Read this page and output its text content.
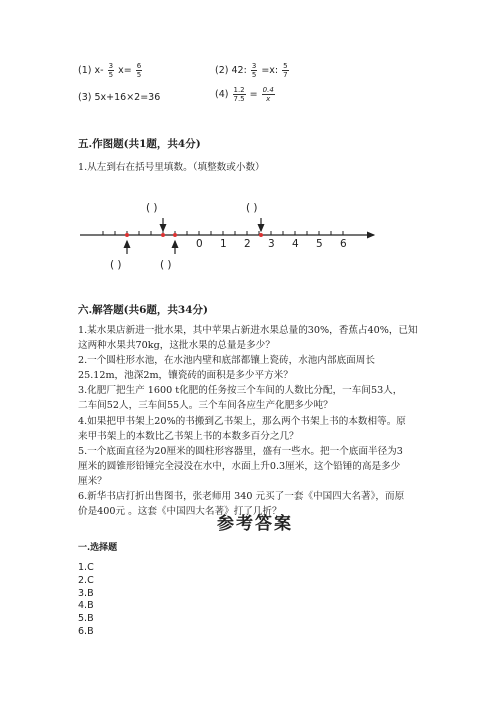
(1) $x- \frac{3}{5} x= \frac{6}{5}$	(2) 42: $\frac{3}{5} =x$: $\frac{5}{7}$
(3) 5x+16×2=36	$(4) \frac{1.2}{7.5} = \frac{0.4}{x}$
五.作图题(共1题，共4分)
1.从左到右在括号里填数。（填整数或小数）
( )	( )
0 1 2 3 4 5 6
( )	( )
六.解答题(共6题，共34分)
1.某水果店新进一批水果，其中苹果占新进水果总量的30%，香蕉占40%，已知
这两种水果共70kg，这批水果的总量是多少？
2.一个圆柱形水池，在水池内壁和底部都镶上瓷砖，水池内部底面周长
25.12m，池深2m，镶瓷砖的面积是多少平方米？
3.化肥厂把生产 1600 t化肥的任务按三个车间的人数比分配，一车间53人，
二车间52人，三车间55人。三个车间各应生产化肥多少吨？
4.如果把甲书架上20%的书搬到乙书架上，那么两个书架上书的本数相等。原
来甲书架上的本数比乙书架上书的本数多百分之几？
5.一个底面直径为20厘米的圆柱形容器里，盛有一些水。把一个底面半径为3
厘米的圆锥形铅锤完全浸没在水中，水面上升0.3厘米，这个铅锤的高是多少
厘米？
6.新华书店打折出售图书，张老师用 340 元买了一套《中国四大名著》，而原
价是400元 。这套《中国四大名著》打了几折？
参考答案
一.选择题
1.C
2.C
3.B
4.B
5.B
6.B
